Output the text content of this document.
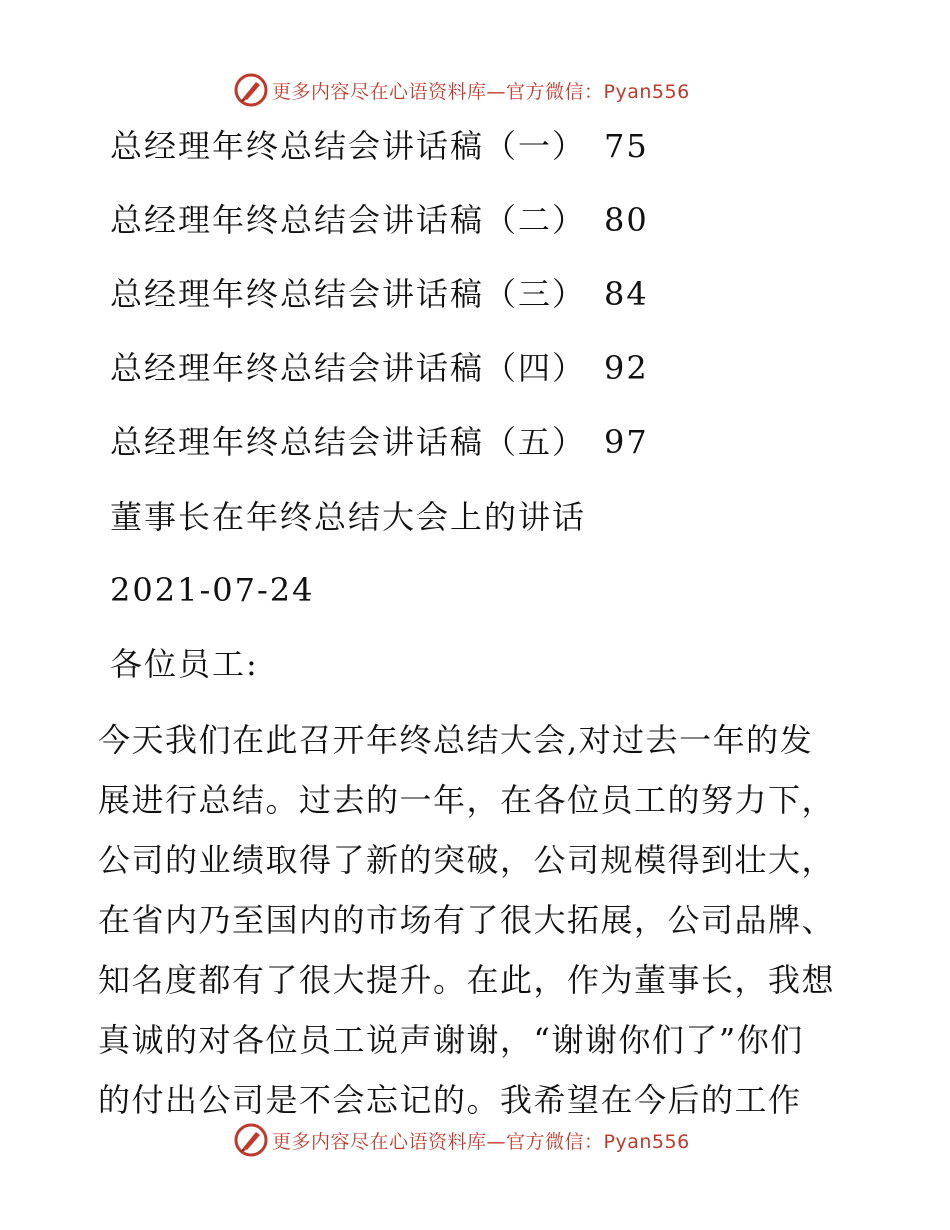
更多内容尽在心语资料库—官方微信：Pyan556
总经理年终总结会讲话稿（一） 75
总经理年终总结会讲话稿（二） 80
总经理年终总结会讲话稿（三） 84
总经理年终总结会讲话稿（四） 92
总经理年终总结会讲话稿（五） 97
董事长在年终总结大会上的讲话
2021-07-24
各位员工:
今天我们在此召开年终总结大会,对过去一年的发
展进行总结。过去的一年，在各位员工的努力下，
公司的业绩取得了新的突破，公司规模得到壮大，
在省内乃至国内的市场有了很大拓展，公司品牌、
知名度都有了很大提升。在此，作为董事长，我想
真诚的对各位员工说声谢谢，“谢谢你们了”你们
的付出公司是不会忘记的。我希望在今后的工作
更多内容尽在心语资料库—官方微信：Pyan556
